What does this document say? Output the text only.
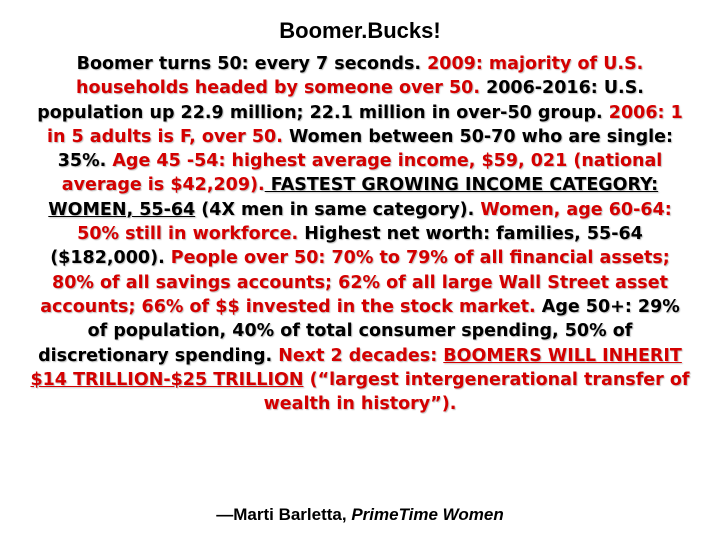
Boomer.Bucks!
Boomer turns 50: every 7 seconds. 2009: majority of U.S. households headed by someone over 50. 2006-2016: U.S. population up 22.9 million; 22.1 million in over-50 group. 2006: 1 in 5 adults is F, over 50. Women between 50-70 who are single: 35%. Age 45 -54: highest average income, $59, 021 (national average is $42,209). FASTEST GROWING INCOME CATEGORY: WOMEN, 55-64 (4X men in same category). Women, age 60-64: 50% still in workforce. Highest net worth: families, 55-64 ($182,000). People over 50: 70% to 79% of all financial assets; 80% of all savings accounts; 62% of all large Wall Street asset accounts; 66% of $$ invested in the stock market. Age 50+: 29% of population, 40% of total consumer spending, 50% of discretionary spending. Next 2 decades: BOOMERS WILL INHERIT $14 TRILLION-$25 TRILLION (“largest intergenerational transfer of wealth in history”).
—Marti Barletta, PrimeTime Women
